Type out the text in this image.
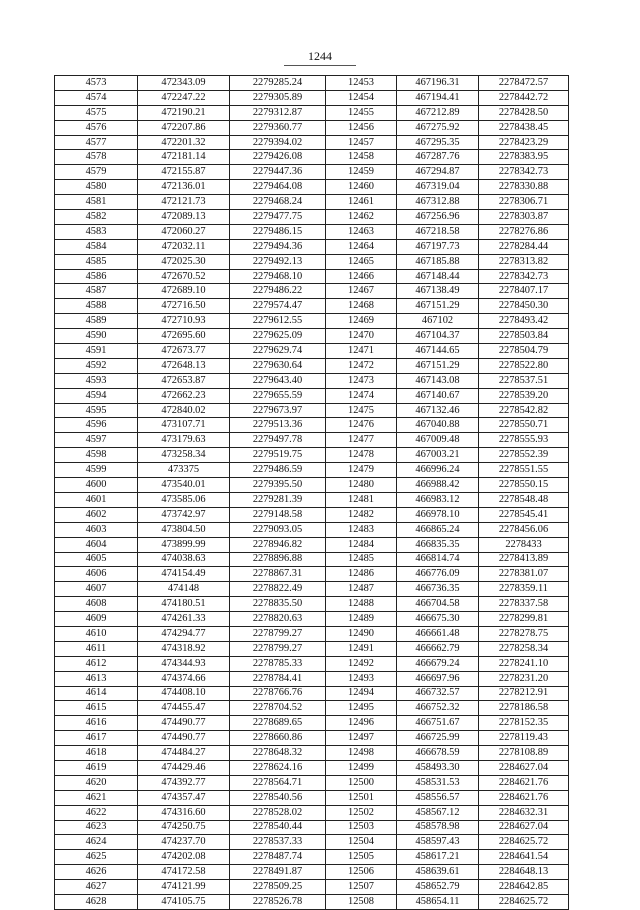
1244
4573	472343.09	2279285.24	12453	467196.31	2278472.57
4574	472247.22	2279305.89	12454	467194.41	2278442.72
4575	472190.21	2279312.87	12455	467212.89	2278428.50
4576	472207.86	2279360.77	12456	467275.92	2278438.45
4577	472201.32	2279394.02	12457	467295.35	2278423.29
4578	472181.14	2279426.08	12458	467287.76	2278383.95
4579	472155.87	2279447.36	12459	467294.87	2278342.73
4580	472136.01	2279464.08	12460	467319.04	2278330.88
4581	472121.73	2279468.24	12461	467312.88	2278306.71
4582	472089.13	2279477.75	12462	467256.96	2278303.87
4583	472060.27	2279486.15	12463	467218.58	2278276.86
4584	472032.11	2279494.36	12464	467197.73	2278284.44
4585	472025.30	2279492.13	12465	467185.88	2278313.82
4586	472670.52	2279468.10	12466	467148.44	2278342.73
4587	472689.10	2279486.22	12467	467138.49	2278407.17
4588	472716.50	2279574.47	12468	467151.29	2278450.30
4589	472710.93	2279612.55	12469	467102	2278493.42
4590	472695.60	2279625.09	12470	467104.37	2278503.84
4591	472673.77	2279629.74	12471	467144.65	2278504.79
4592	472648.13	2279630.64	12472	467151.29	2278522.80
4593	472653.87	2279643.40	12473	467143.08	2278537.51
4594	472662.23	2279655.59	12474	467140.67	2278539.20
4595	472840.02	2279673.97	12475	467132.46	2278542.82
4596	473107.71	2279513.36	12476	467040.88	2278550.71
4597	473179.63	2279497.78	12477	467009.48	2278555.93
4598	473258.34	2279519.75	12478	467003.21	2278552.39
4599	473375	2279486.59	12479	466996.24	2278551.55
4600	473540.01	2279395.50	12480	466988.42	2278550.15
4601	473585.06	2279281.39	12481	466983.12	2278548.48
4602	473742.97	2279148.58	12482	466978.10	2278545.41
4603	473804.50	2279093.05	12483	466865.24	2278456.06
4604	473899.99	2278946.82	12484	466835.35	2278433
4605	474038.63	2278896.88	12485	466814.74	2278413.89
4606	474154.49	2278867.31	12486	466776.09	2278381.07
4607	474148	2278822.49	12487	466736.35	2278359.11
4608	474180.51	2278835.50	12488	466704.58	2278337.58
4609	474261.33	2278820.63	12489	466675.30	2278299.81
4610	474294.77	2278799.27	12490	466661.48	2278278.75
4611	474318.92	2278799.27	12491	466662.79	2278258.34
4612	474344.93	2278785.33	12492	466679.24	2278241.10
4613	474374.66	2278784.41	12493	466697.96	2278231.20
4614	474408.10	2278766.76	12494	466732.57	2278212.91
4615	474455.47	2278704.52	12495	466752.32	2278186.58
4616	474490.77	2278689.65	12496	466751.67	2278152.35
4617	474490.77	2278660.86	12497	466725.99	2278119.43
4618	474484.27	2278648.32	12498	466678.59	2278108.89
4619	474429.46	2278624.16	12499	458493.30	2284627.04
4620	474392.77	2278564.71	12500	458531.53	2284621.76
4621	474357.47	2278540.56	12501	458556.57	2284621.76
4622	474316.60	2278528.02	12502	458567.12	2284632.31
4623	474250.75	2278540.44	12503	458578.98	2284627.04
4624	474237.70	2278537.33	12504	458597.43	2284625.72
4625	474202.08	2278487.74	12505	458617.21	2284641.54
4626	474172.58	2278491.87	12506	458639.61	2284648.13
4627	474121.99	2278509.25	12507	458652.79	2284642.85
4628	474105.75	2278526.78	12508	458654.11	2284625.72
